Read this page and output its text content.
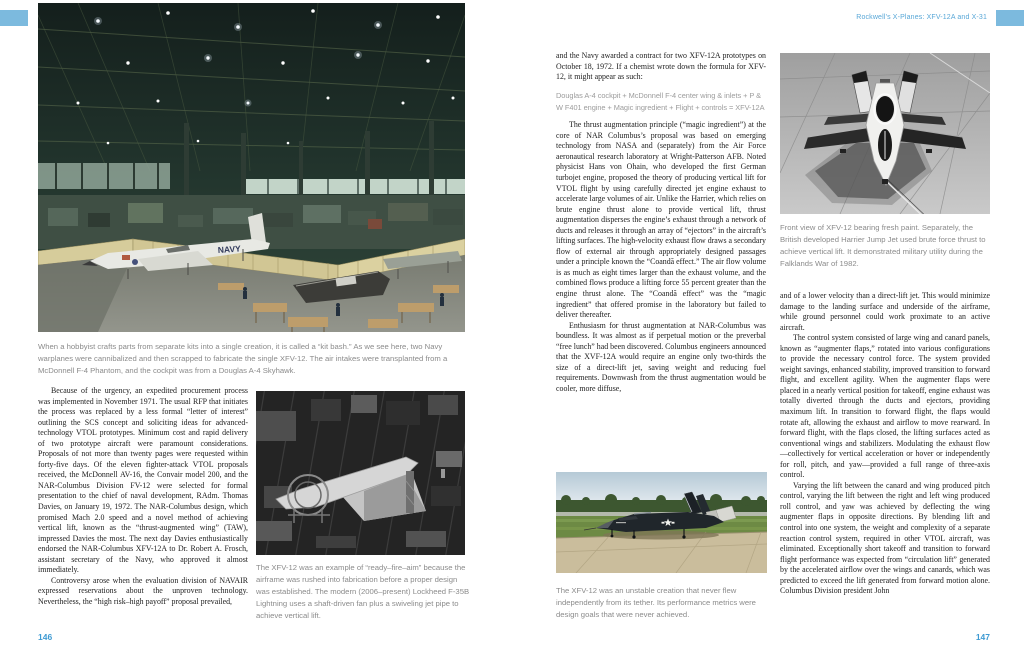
Rockwell’s X-Planes: XFV-12A and X-31
NAVY
When a hobbyist crafts parts from separate kits into a single creation, it is called a “kit bash.” As we see here, two Navy warplanes were cannibalized and then scrapped to fabricate the single XFV-12. The air intakes were transplanted from a McDonnell F-4 Phantom, and the cockpit was from a Douglas A-4 Skyhawk.

Because of the urgency, an expedited procurement process was implemented in November 1971. The usual RFP that initiates the process was replaced by a less formal “letter of interest” outlining the SCS concept and soliciting ideas for advanced-technology VTOL prototypes. Minimum cost and rapid delivery of two prototype aircraft were paramount considerations. Proposals of not more than twenty pages were requested within forty-five days. Of the eleven fighter-attack VTOL proposals received, the McDonnell AV-16, the Convair model 200, and the NAR-Columbus Division FV-12 were selected for formal presentation to the chief of naval development, RAdm. Thomas Davies, on January 19, 1972. The NAR-Columbus design, which promised Mach 2.0 speed and a novel method of achieving vertical lift, known as the “thrust-augmented wing” (TAW), impressed Davies the most. The next day Davies enthusiastically endorsed the NAR-Columbus XFV-12A to Dr. Robert A. Frosch, assistant secretary of the Navy, who approved it almost immediately.

Controversy arose when the evaluation division of NAVAIR expressed reservations about the unproven technology. Nevertheless, the “high risk–high payoff” proposal prevailed,

The XFV-12 was an example of “ready–fire–aim” because the airframe was rushed into fabrication before a proper design was established. The modern (2006–present) Lockheed F-35B Lightning uses a shaft-driven fan plus a swiveling jet pipe to achieve vertical lift.
146

and the Navy awarded a contract for two XFV-12A prototypes on October 18, 1972. If a chemist wrote down the formula for XFV-12, it might appear as such:

Douglas A-4 cockpit + McDonnell F-4 center wing & inlets + P & W F401 engine + Magic ingredient + Flight + controls = XFV-12A

The thrust augmentation principle (“magic ingredient”) at the core of NAR Columbus’s proposal was based on emerging technology from NASA and (separately) from the Air Force aeronautical research laboratory at Wright-Patterson AFB. Noted physicist Hans von Ohain, who developed the first German turbojet engine, proposed the theory of producing vertical lift for VTOL flight by using carefully directed jet engine exhaust to accelerate large volumes of air. Unlike the Harrier, which relies on brute engine thrust alone to provide vertical lift, thrust augmentation disperses the engine’s exhaust through a network of ducts and releases it through an array of “ejectors” in the aircraft’s lifting surfaces. The high-velocity exhaust flow draws a secondary flow of external air through appropriately designed passages under a principle known the “Coandă effect.” The air flow volume is as much as eight times larger than the exhaust volume, and the combined flows produce a lifting force 55 percent greater than the engine thrust alone. The “Coandă effect” was the “magic ingredient” that offered promise in the laboratory but failed to deliver thereafter.

Enthusiasm for thrust augmentation at NAR-Columbus was boundless. It was almost as if perpetual motion or the preverbal “free lunch” had been discovered. Columbus engineers announced that the XVF-12A would require an engine only two-thirds the size of a direct-lift jet, saving weight and reducing fuel requirements. Downwash from the thrust augmentation would be cooler, more diffuse,

Front view of XFV-12 bearing fresh paint. Separately, the British developed Harrier Jump Jet used brute force thrust to achieve vertical lift. It demonstrated military utility during the Falklands War of 1982.

and of a lower velocity than a direct-lift jet. This would minimize damage to the landing surface and underside of the airframe, while ground personnel could work proximate to an active aircraft.

The control system consisted of large wing and canard panels, known as “augmenter flaps,” rotated into various configurations to provide the necessary control force. The system provided weight savings, enhanced stability, improved transition to forward flight, and excellent agility. When the augmenter flaps were placed in a nearly vertical position for takeoff, engine exhaust was totally diverted through the ducts and ejectors, providing maximum lift. In transition to forward flight, the flaps would rotate aft, allowing the exhaust and airflow to move rearward. In forward flight, with the flaps closed, the lifting surfaces acted as conventional wings and stabilizers. Modulating the exhaust flow—collectively for vertical acceleration or hover or independently for roll, pitch, and yaw—provided a full range of three-axis control.

Varying the lift between the canard and wing produced pitch control, varying the lift between the right and left wing produced roll control, and yaw was achieved by deflecting the wing augmenter flaps in opposite directions. By blending lift and control into one system, the weight and complexity of a separate reaction control system, required in other VTOL aircraft, was eliminated. Exceptionally short takeoff and transition to forward flight performance was expected from “circulation lift” generated by the accelerated airflow over the wings and canards, which was predicted to exceed the lift generated from forward motion alone. Columbus Division president John

The XFV-12 was an unstable creation that never flew independently from its tether. Its performance metrics were design goals that were never achieved.
147
